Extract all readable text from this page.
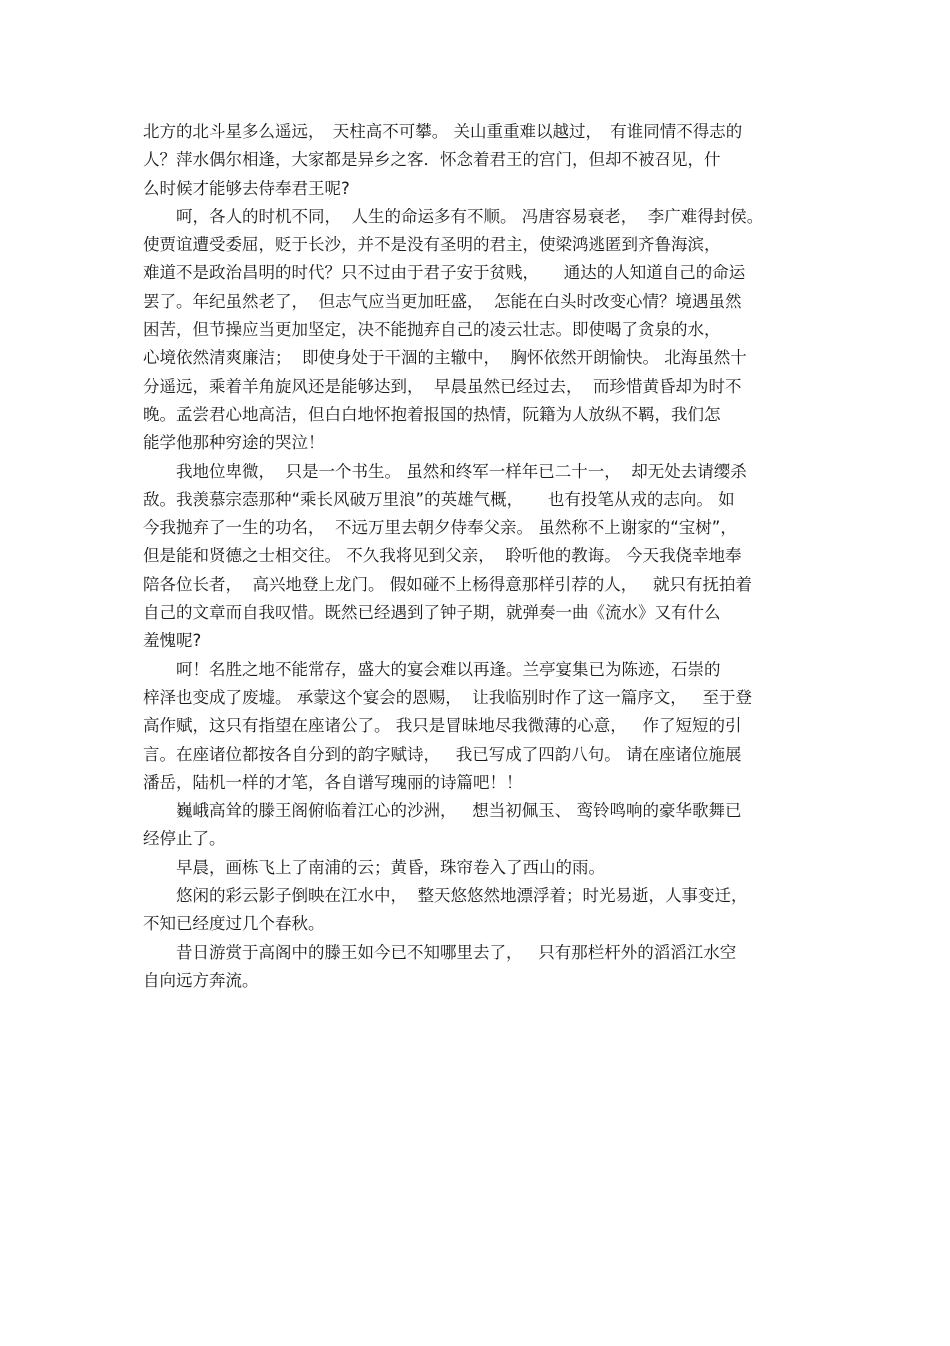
北方的北斗星多么遥远，　天柱高不可攀。 关山重重难以越过，　有谁同情不得志的
人？萍水偶尔相逢，大家都是异乡之客．怀念着君王的宫门，但却不被召见，什
么时候才能够去侍奉君王呢?
　　呵，各人的时机不同，  人生的命运多有不顺。 冯唐容易衰老，  李广难得封侯。
使贾谊遭受委屈，贬于长沙，并不是没有圣明的君主，使梁鸿逃匿到齐鲁海滨，
难道不是政治昌明的时代？只不过由于君子安于贫贱，　　通达的人知道自己的命运
罢了。年纪虽然老了，  但志气应当更加旺盛，  怎能在白头时改变心情？境遇虽然
困苦，但节操应当更加坚定，决不能抛弃自己的凌云壮志。即使喝了贪泉的水，
心境依然清爽廉洁；  即使身处于干涸的主辙中，  胸怀依然开朗愉快。 北海虽然十
分遥远，乘着羊角旋风还是能够达到，  早晨虽然已经过去，  而珍惜黄昏却为时不
晚。孟尝君心地高洁，但白白地怀抱着报国的热情，阮籍为人放纵不羁，我们怎
能学他那种穷途的哭泣！
　　我地位卑微，  只是一个书生。 虽然和终军一样年已二十一，  却无处去请缨杀
敌。我羡慕宗悫那种“乘长风破万里浪”的英雄气概，　　也有投笔从戎的志向。 如
今我抛弃了一生的功名，  不远万里去朝夕侍奉父亲。 虽然称不上谢家的“宝树”，
但是能和贤德之士相交往。 不久我将见到父亲，  聆听他的教诲。 今天我侥幸地奉
陪各位长者，  高兴地登上龙门。 假如碰不上杨得意那样引荐的人，   就只有抚拍着
自己的文章而自我叹惜。既然已经遇到了钟子期，就弹奏一曲《流水》又有什么
羞愧呢?
　　呵！名胜之地不能常存，盛大的宴会难以再逢。兰亭宴集已为陈迹，石崇的
梓泽也变成了废墟。 承蒙这个宴会的恩赐，  让我临别时作了这一篇序文，   至于登
高作赋，这只有指望在座诸公了。 我只是冒昧地尽我微薄的心意，   作了短短的引
言。在座诸位都按各自分到的韵字赋诗，   我已写成了四韵八句。 请在座诸位施展
潘岳，陆机一样的才笔，各自谱写瑰丽的诗篇吧！！
　　巍峨高耸的滕王阁俯临着江心的沙洲，   想当初佩玉、 鸾铃鸣响的豪华歌舞已
经停止了。
　　早晨，画栋飞上了南浦的云；黄昏，珠帘卷入了西山的雨。
　　悠闲的彩云影子倒映在江水中，  整天悠悠然地漂浮着；时光易逝，人事变迁，
不知已经度过几个春秋。
　　昔日游赏于高阁中的滕王如今已不知哪里去了，   只有那栏杆外的滔滔江水空
自向远方奔流。
